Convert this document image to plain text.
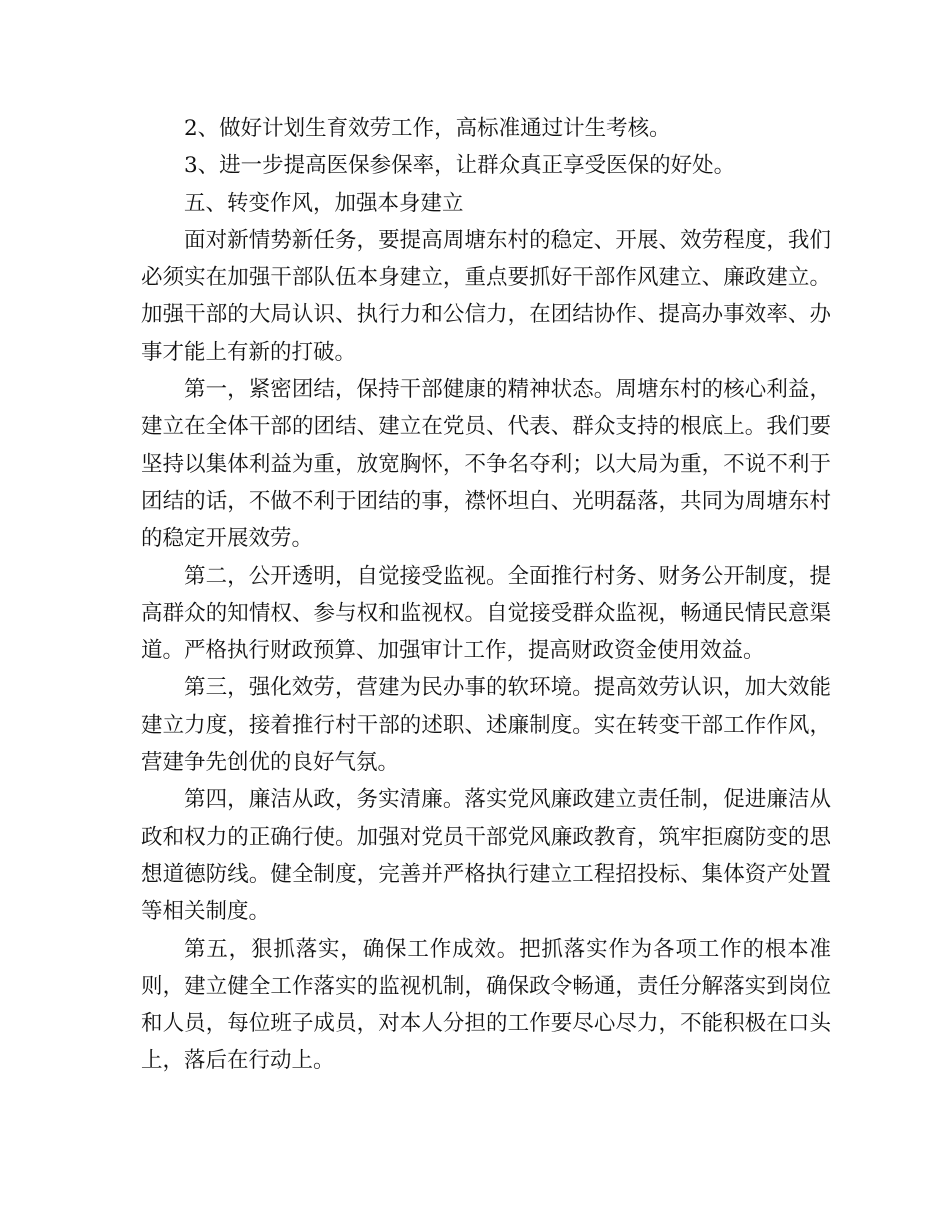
2、做好计划生育效劳工作，高标准通过计生考核。

3、进一步提高医保参保率，让群众真正享受医保的好处。

五、转变作风，加强本身建立

面对新情势新任务，要提高周塘东村的稳定、开展、效劳程度，我们必须实在加强干部队伍本身建立，重点要抓好干部作风建立、廉政建立。加强干部的大局认识、执行力和公信力，在团结协作、提高办事效率、办事才能上有新的打破。

第一，紧密团结，保持干部健康的精神状态。周塘东村的核心利益，建立在全体干部的团结、建立在党员、代表、群众支持的根底上。我们要坚持以集体利益为重，放宽胸怀，不争名夺利；以大局为重，不说不利于团结的话，不做不利于团结的事，襟怀坦白、光明磊落，共同为周塘东村的稳定开展效劳。

第二，公开透明，自觉接受监视。全面推行村务、财务公开制度，提高群众的知情权、参与权和监视权。自觉接受群众监视，畅通民情民意渠道。严格执行财政预算、加强审计工作，提高财政资金使用效益。

第三，强化效劳，营建为民办事的软环境。提高效劳认识，加大效能建立力度，接着推行村干部的述职、述廉制度。实在转变干部工作作风，营建争先创优的良好气氛。

第四，廉洁从政，务实清廉。落实党风廉政建立责任制，促进廉洁从政和权力的正确行使。加强对党员干部党风廉政教育，筑牢拒腐防变的思想道德防线。健全制度，完善并严格执行建立工程招投标、集体资产处置等相关制度。

第五，狠抓落实，确保工作成效。把抓落实作为各项工作的根本准则，建立健全工作落实的监视机制，确保政令畅通，责任分解落实到岗位和人员，每位班子成员，对本人分担的工作要尽心尽力，不能积极在口头上，落后在行动上。
